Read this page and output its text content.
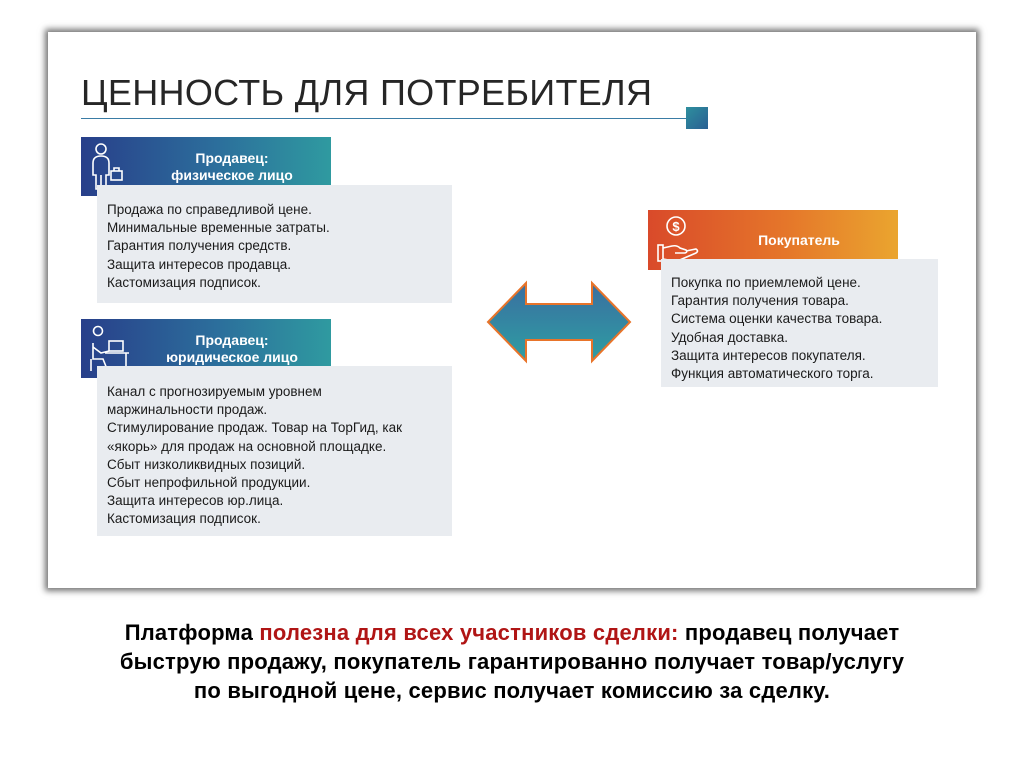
ЦЕННОСТЬ ДЛЯ ПОТРЕБИТЕЛЯ
Продавец:
физическое лицо
Продажа по справедливой цене.
Минимальные временные затраты.
Гарантия получения средств.
Защита интересов продавца.
Кастомизация подписок.
Продавец:
юридическое лицо
Канал с прогнозируемым уровнем
маржинальности продаж.
Стимулирование продаж. Товар на ТорГид, как
«якорь» для продаж на основной площадке.
Сбыт низколиквидных позиций.
Сбыт непрофильной продукции.
Защита интересов юр.лица.
Кастомизация подписок.
$
Покупатель
Покупка по приемлемой цене.
Гарантия получения товара.
Система оценки качества товара.
Удобная доставка.
Защита интересов покупателя.
Функция автоматического торга.
Платформа полезна для всех участников сделки: продавец получает
быструю продажу, покупатель гарантированно получает товар/услугу
по выгодной цене, сервис получает комиссию за сделку.
